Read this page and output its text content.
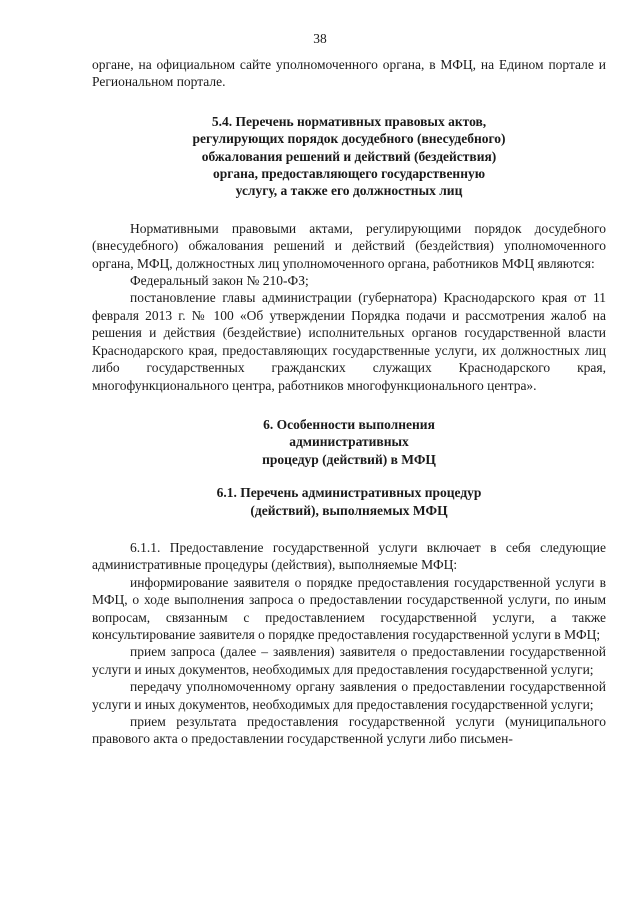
38

органе, на официальном сайте уполномоченного органа, в МФЦ, на Едином портале и Региональном портале.

5.4. Перечень нормативных правовых актов,
регулирующих порядок досудебного (внесудебного)
обжалования решений и действий (бездействия)
органа, предоставляющего государственную
услугу, а также его должностных лиц

Нормативными правовыми актами, регулирующими порядок досудебного (внесудебного) обжалования решений и действий (бездействия) уполномоченного органа, МФЦ, должностных лиц уполномоченного органа, работников МФЦ являются:

Федеральный закон № 210-ФЗ;

постановление главы администрации (губернатора) Краснодарского края от 11 февраля 2013 г. № 100 «Об утверждении Порядка подачи и рассмотрения жалоб на решения и действия (бездействие) исполнительных органов государственной власти Краснодарского края, предоставляющих государственные услуги, их должностных лиц либо государственных гражданских служащих Краснодарского края, многофункционального центра, работников многофункционального центра».

6. Особенности выполнения
административных
процедур (действий) в МФЦ
6.1. Перечень административных процедур
(действий), выполняемых МФЦ

6.1.1. Предоставление государственной услуги включает в себя следующие административные процедуры (действия), выполняемые МФЦ:

информирование заявителя о порядке предоставления государственной услуги в МФЦ, о ходе выполнения запроса о предоставлении государственной услуги, по иным вопросам, связанным с предоставлением государственной услуги, а также консультирование заявителя о порядке предоставления государственной услуги в МФЦ;

прием запроса (далее – заявления) заявителя о предоставлении государственной услуги и иных документов, необходимых для предоставления государственной услуги;

передачу уполномоченному органу заявления о предоставлении государственной услуги и иных документов, необходимых для предоставления государственной услуги;

прием результата предоставления государственной услуги (муниципального правового акта о предоставлении государственной услуги либо письмен-
